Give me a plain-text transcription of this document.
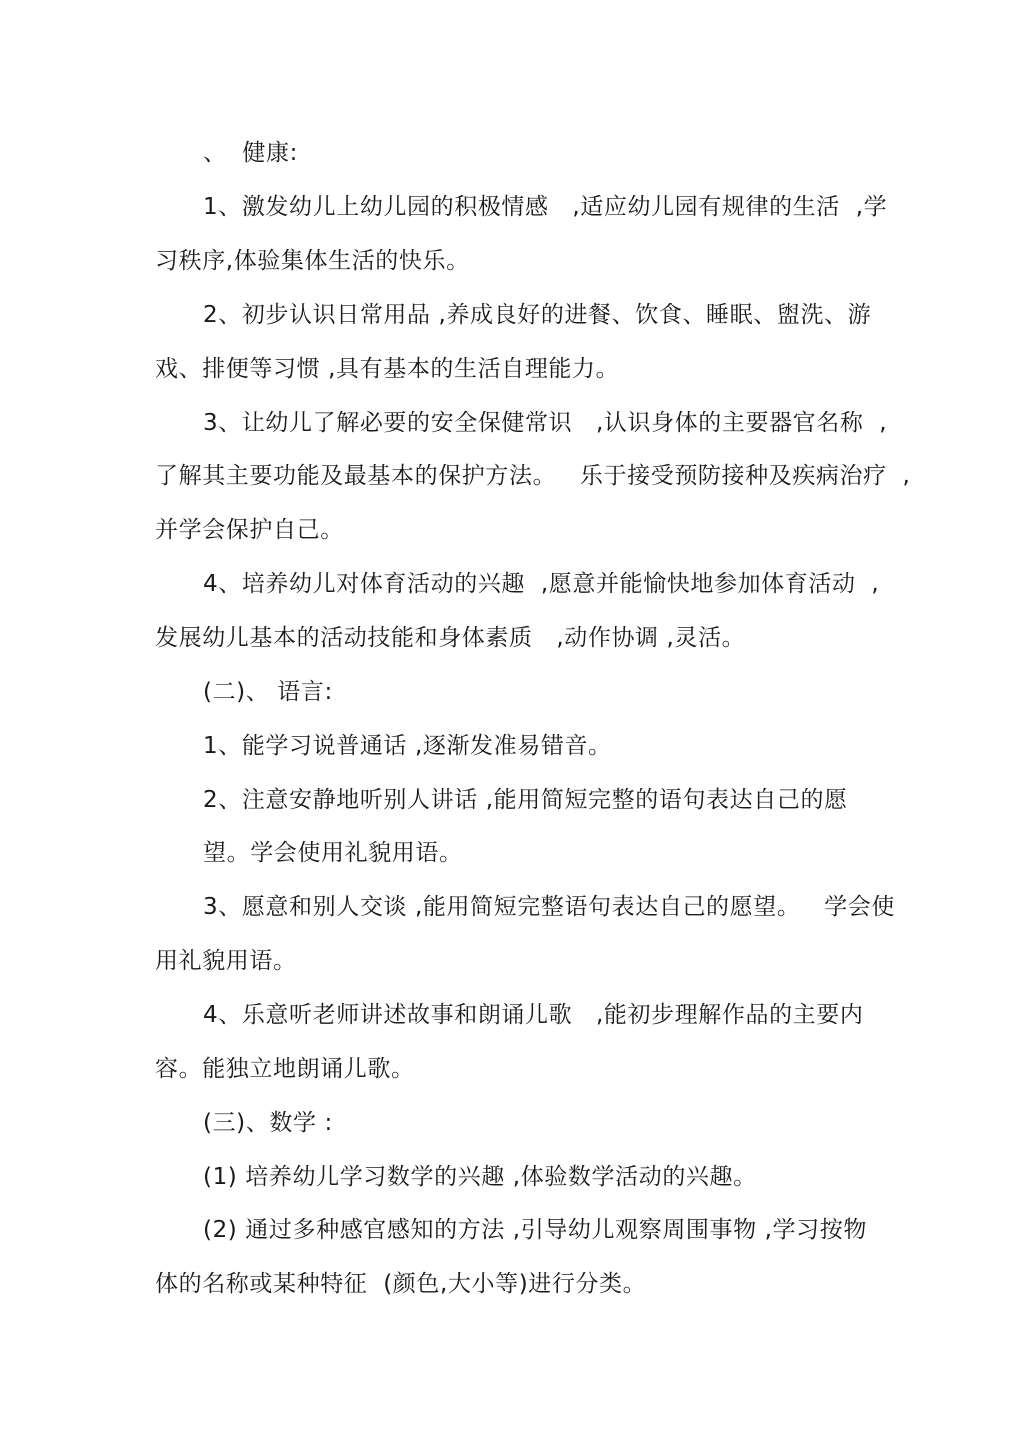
、  健康:
1、激发幼儿上幼儿园的积极情感   ,适应幼儿园有规律的生活  ,学
习秩序,体验集体生活的快乐。
2、初步认识日常用品 ,养成良好的进餐、饮食、睡眠、盥洗、游
戏、排便等习惯 ,具有基本的生活自理能力。
3、让幼儿了解必要的安全保健常识   ,认识身体的主要器官名称  ,
了解其主要功能及最基本的保护方法。   乐于接受预防接种及疾病治疗  ,
并学会保护自己。
4、培养幼儿对体育活动的兴趣  ,愿意并能愉快地参加体育活动  ,
发展幼儿基本的活动技能和身体素质   ,动作协调 ,灵活。
(二)、 语言:
1、能学习说普通话 ,逐渐发准易错音。
2、注意安静地听别人讲话 ,能用简短完整的语句表达自己的愿
望。学会使用礼貌用语。
3、愿意和别人交谈 ,能用简短完整语句表达自己的愿望。   学会使
用礼貌用语。
4、乐意听老师讲述故事和朗诵儿歌   ,能初步理解作品的主要内
容。能独立地朗诵儿歌。
(三)、数学 :
(1) 培养幼儿学习数学的兴趣 ,体验数学活动的兴趣。
(2) 通过多种感官感知的方法 ,引导幼儿观察周围事物 ,学习按物
体的名称或某种特征  (颜色,大小等)进行分类。
